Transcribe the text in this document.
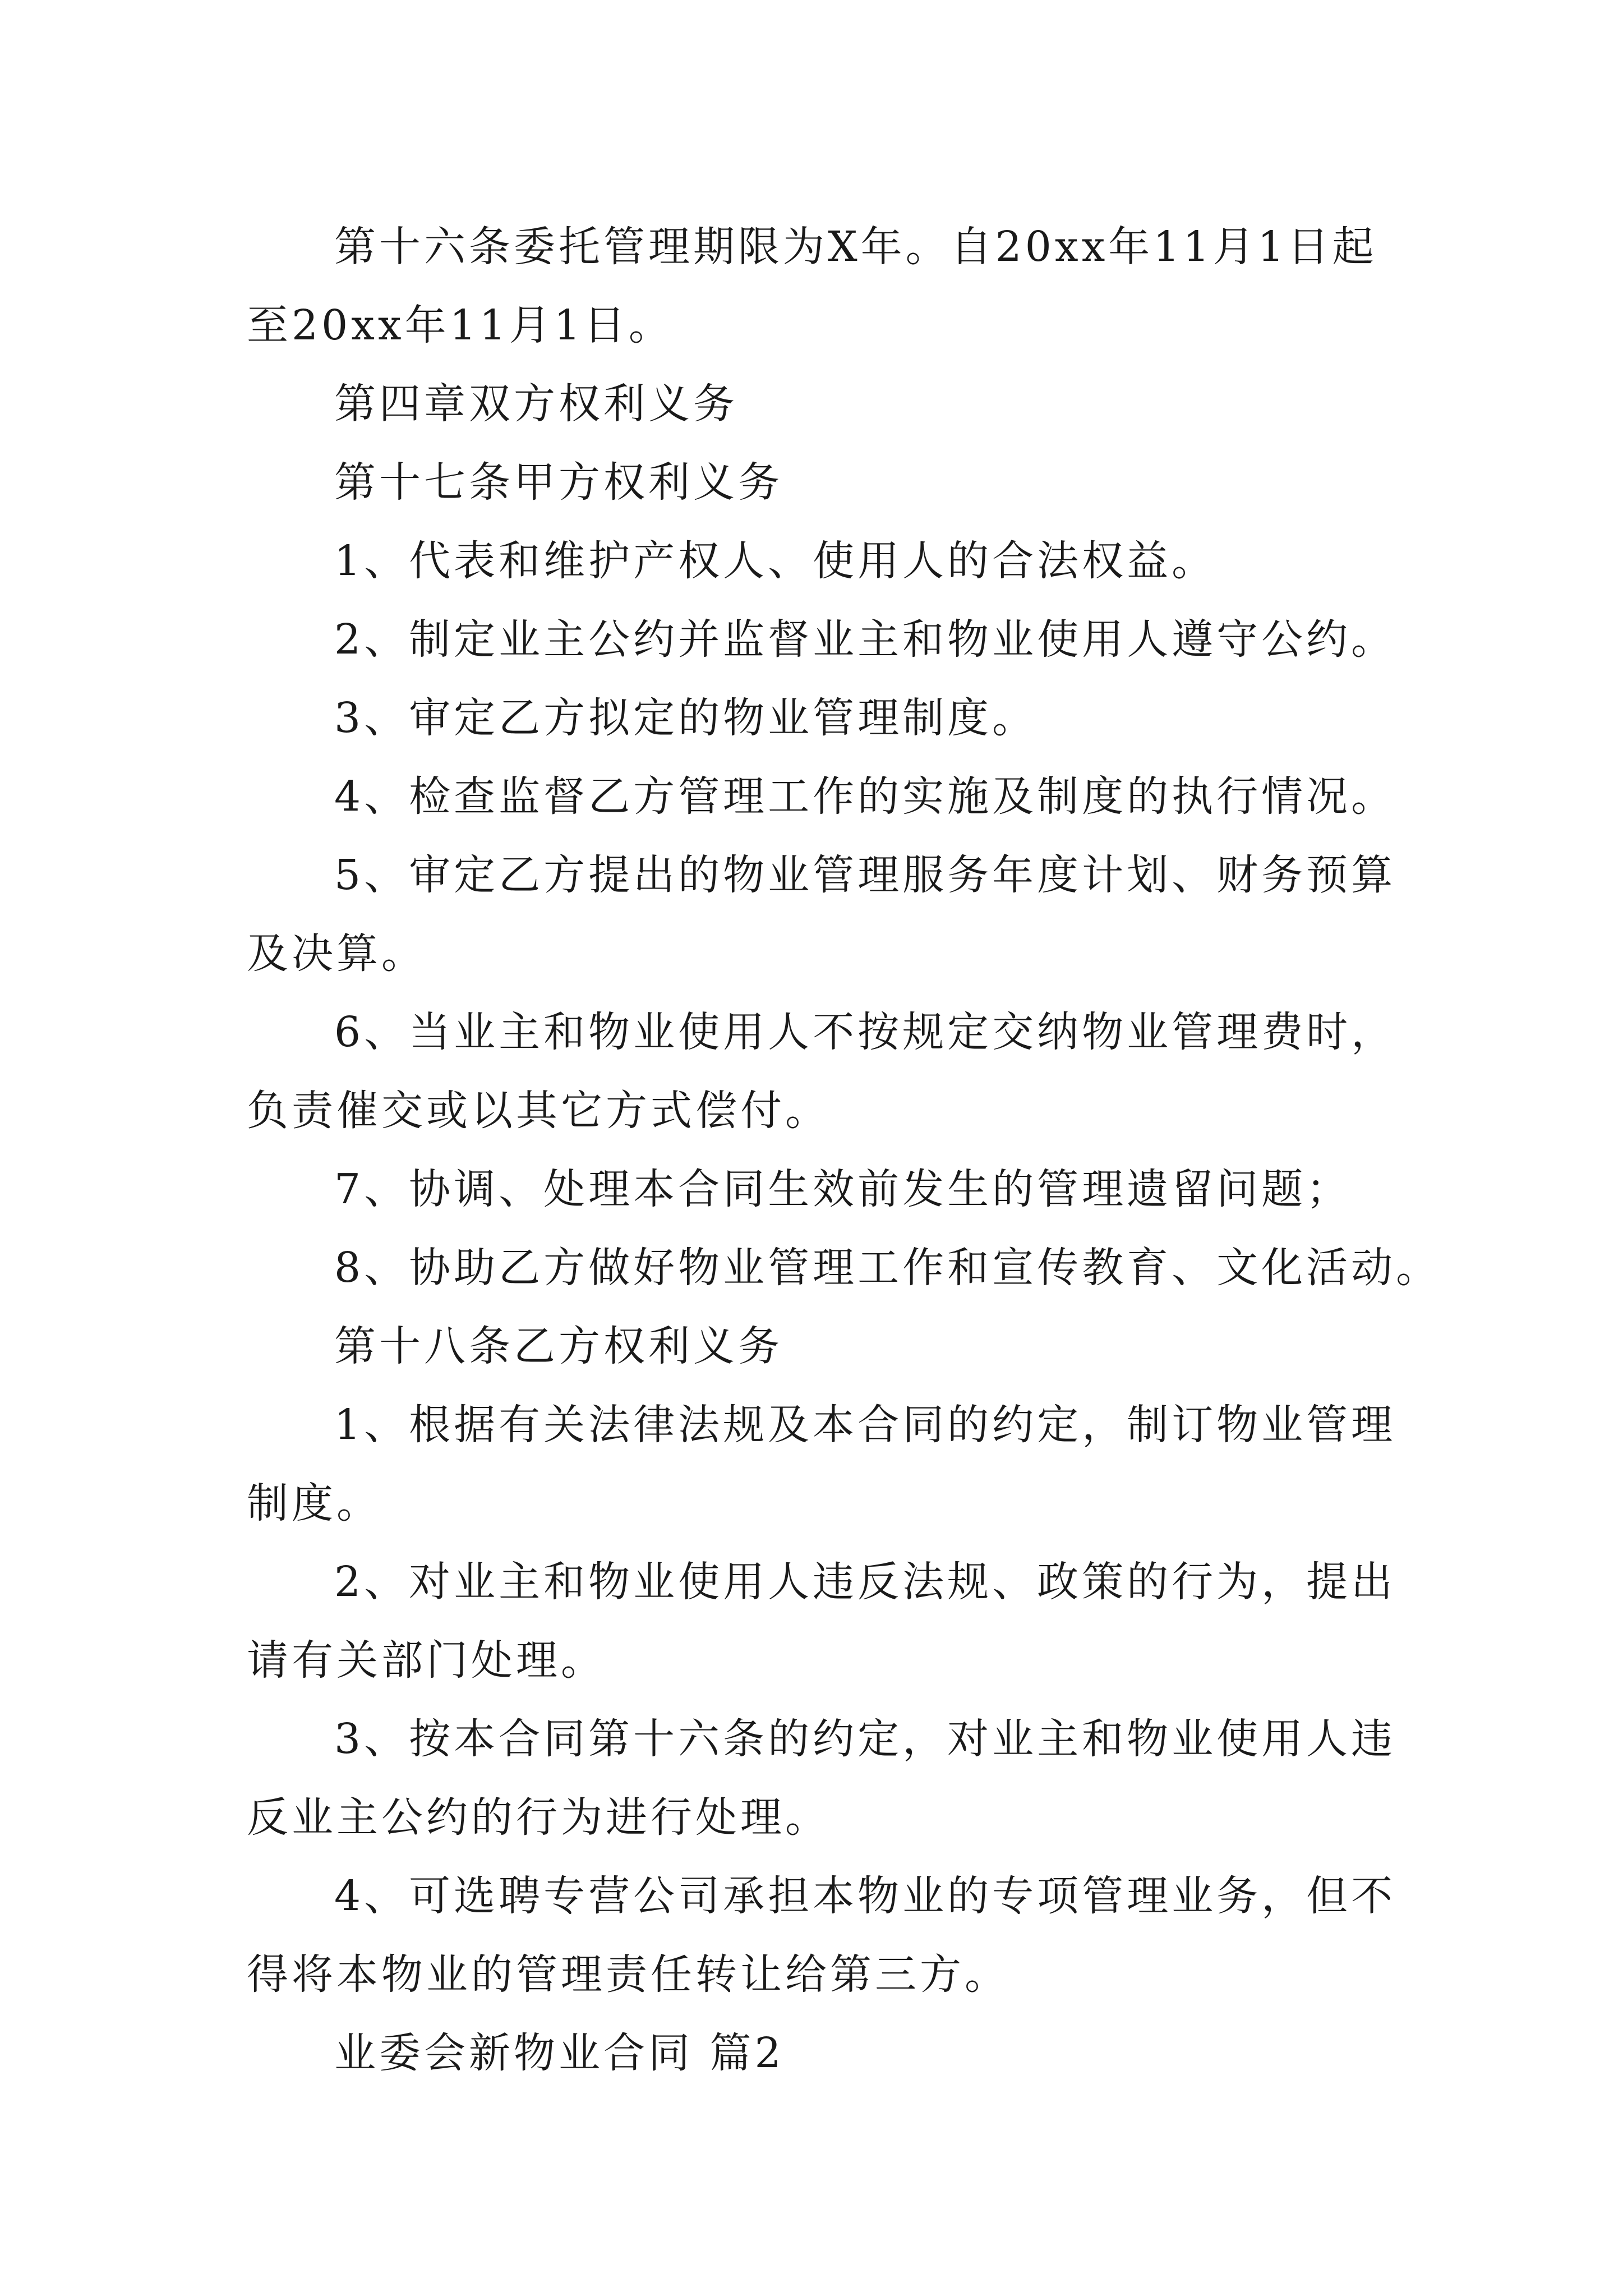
第十六条委托管理期限为X年。自20xx年11月1日起
至20xx年11月1日。
第四章双方权利义务
第十七条甲方权利义务
1、代表和维护产权人、使用人的合法权益。
2、制定业主公约并监督业主和物业使用人遵守公约。
3、审定乙方拟定的物业管理制度。
4、检查监督乙方管理工作的实施及制度的执行情况。
5、审定乙方提出的物业管理服务年度计划、财务预算
及决算。
6、当业主和物业使用人不按规定交纳物业管理费时，
负责催交或以其它方式偿付。
7、协调、处理本合同生效前发生的管理遗留问题；
8、协助乙方做好物业管理工作和宣传教育、文化活动。
第十八条乙方权利义务
1、根据有关法律法规及本合同的约定，制订物业管理
制度。
2、对业主和物业使用人违反法规、政策的行为，提出
请有关部门处理。
3、按本合同第十六条的约定，对业主和物业使用人违
反业主公约的行为进行处理。
4、可选聘专营公司承担本物业的专项管理业务，但不
得将本物业的管理责任转让给第三方。
业委会新物业合同 篇2
